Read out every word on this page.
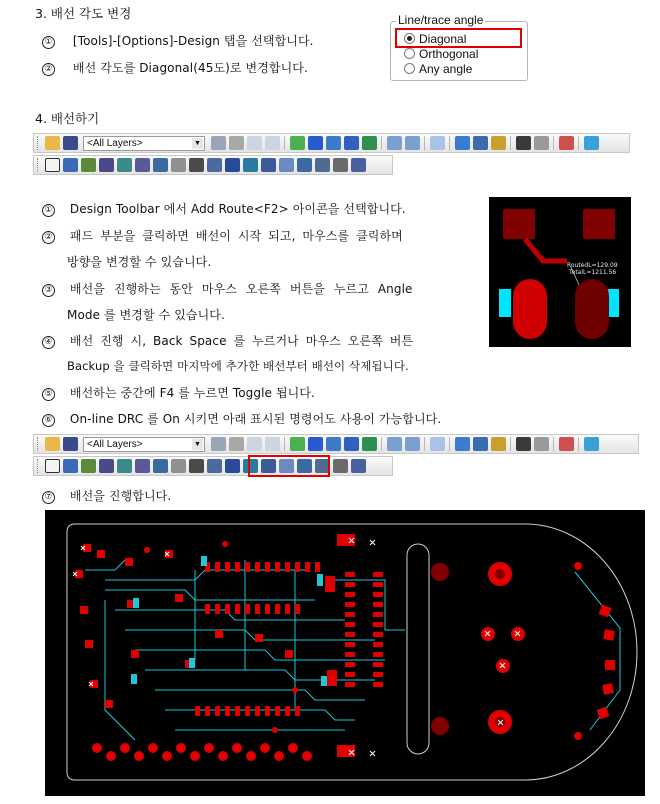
3. 배선 각도 변경
① [Tools]-[Options]-Design 탭을 선택합니다.
② 배선 각도를 Diagonal(45도)로 변경합니다.
Line/trace angle
Diagonal
Orthogonal
Any angle
4. 배선하기
<All Layers>	▼
① Design Toolbar 에서 Add Route<F2> 아이콘을 선택합니다.
② 패드 부분을 클릭하면 배선이 시작 되고, 마우스를 클릭하며
방향을 변경할 수 있습니다.
③ 배선을 진행하는 동안 마우스 오른쪽 버튼을 누르고 Angle
Mode 를 변경할 수 있습니다.
④ 배선 진행 시, Back Space 를 누르거나 마우스 오른쪽 버튼
Backup 을 클릭하면 마지막에 추가한 배선부터 배선이 삭제됩니다.
⑤ 배선하는 중간에 F4 를 누르면 Toggle 됩니다.
⑥ On-line DRC 를 On 시키면 아래 표시된 명령어도 사용이 가능합니다.
RoutedL=129.09
TotalL=1211.56
<All Layers>	▼
⑦ 배선을 진행합니다.
